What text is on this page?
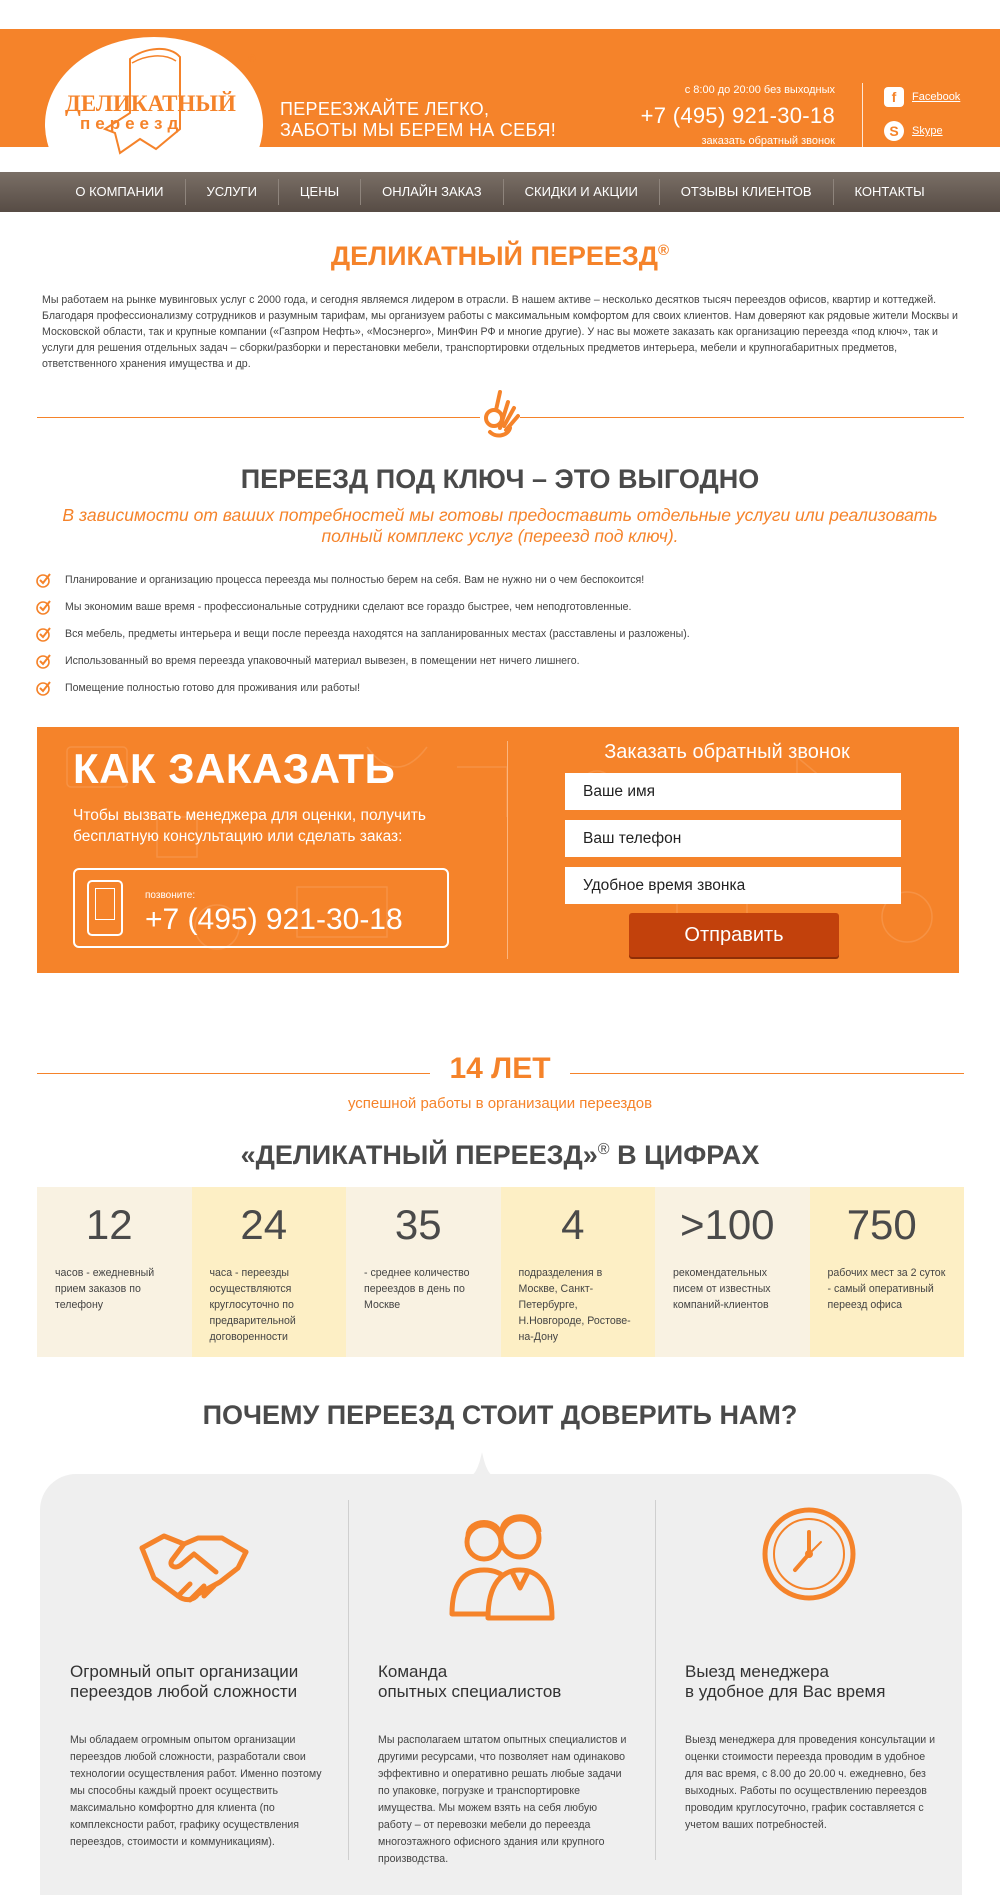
ДЕЛИКАТНЫЙ
переезд
®
ПЕРЕЕЗЖАЙТЕ ЛЕГКО,
ЗАБОТЫ МЫ БЕРЕМ НА СЕБЯ!
с 8:00 до 20:00 без выходных
+7 (495) 921-30-18
заказать обратный звонок
f	Facebook
S	Skype
О КОМПАНИИ	УСЛУГИ	ЦЕНЫ	ОНЛАЙН ЗАКАЗ	СКИДКИ И АКЦИИ	ОТЗЫВЫ КЛИЕНТОВ	КОНТАКТЫ
ДЕЛИКАТНЫЙ ПЕРЕЕЗД®

Мы работаем на рынке мувинговых услуг с 2000 года, и сегодня являемся лидером в отрасли. В нашем активе – несколько десятков тысяч переездов офисов, квартир и коттеджей. Благодаря профессионализму сотрудников и разумным тарифам, мы организуем работы с максимальным комфортом для своих клиентов. Нам доверяют как рядовые жители Москвы и Московской области, так и крупные компании («Газпром Нефть», «Мосэнерго», МинФин РФ и многие другие). У нас вы можете заказать как организацию переезда «под ключ», так и услуги для решения отдельных задач – сборки/разборки и перестановки мебели, транспортировки отдельных предметов интерьера, мебели и крупногабаритных предметов, ответственного хранения имущества и др.

ПЕРЕЕЗД ПОД КЛЮЧ – ЭТО ВЫГОДНО

В зависимости от ваших потребностей мы готовы предоставить отдельные услуги или реализовать полный комплекс услуг (переезд под ключ).

Планирование и организацию процесса переезда мы полностью берем на себя. Вам не нужно ни о чем беспокоится!
Мы экономим ваше время - профессиональные сотрудники сделают все гораздо быстрее, чем неподготовленные.
Вся мебель, предметы интерьера и вещи после переезда находятся на запланированных местах (расставлены и разложены).
Использованный во время переезда упаковочный материал вывезен, в помещении нет ничего лишнего.
Помещение полностью готово для проживания или работы!
КАК ЗАКАЗАТЬ
Чтобы вызвать менеджера для оценки, получить бесплатную консультацию или сделать заказ:
позвоните:
+7 (495) 921-30-18
Заказать обратный звонок
Ваше имя
Ваш телефон
Удобное время звонка
Отправить
14 ЛЕТ
успешной работы в организации переездов
«ДЕЛИКАТНЫЙ ПЕРЕЕЗД»® В ЦИФРАХ
12
часов - ежедневный прием заказов по телефону
24
часа - переезды осуществляются круглосуточно по предварительной договоренности
35
- среднее количество переездов в день по Москве
4
подразделения в Москве, Санкт-Петербурге, Н.Новгороде, Ростове-на-Дону
>100
рекомендательных писем от известных компаний-клиентов
750
рабочих мест за 2 суток - самый оперативный переезд офиса
ПОЧЕМУ ПЕРЕЕЗД СТОИТ ДОВЕРИТЬ НАМ?
Огромный опыт организации
переездов любой сложности
Мы обладаем огромным опытом организации переездов любой сложности, разработали свои технологии осуществления работ. Именно поэтому мы способны каждый проект осуществить максимально комфортно для клиента (по комплексности работ, графику осуществления переездов, стоимости и коммуникациям).
Команда
опытных специалистов
Мы располагаем штатом опытных специалистов и другими ресурсами, что позволяет нам одинаково эффективно и оперативно решать любые задачи по упаковке, погрузке и транспортировке имущества. Мы можем взять на себя любую работу – от перевозки мебели до переезда многоэтажного офисного здания или крупного производства.
Выезд менеджера
в удобное для Вас время
Выезд менеджера для проведения консультации и оценки стоимости переезда проводим в удобное для вас время, с 8.00 до 20.00 ч. ежедневно, без выходных. Работы по осуществлению переездов проводим круглосуточно, график составляется с учетом ваших потребностей.
